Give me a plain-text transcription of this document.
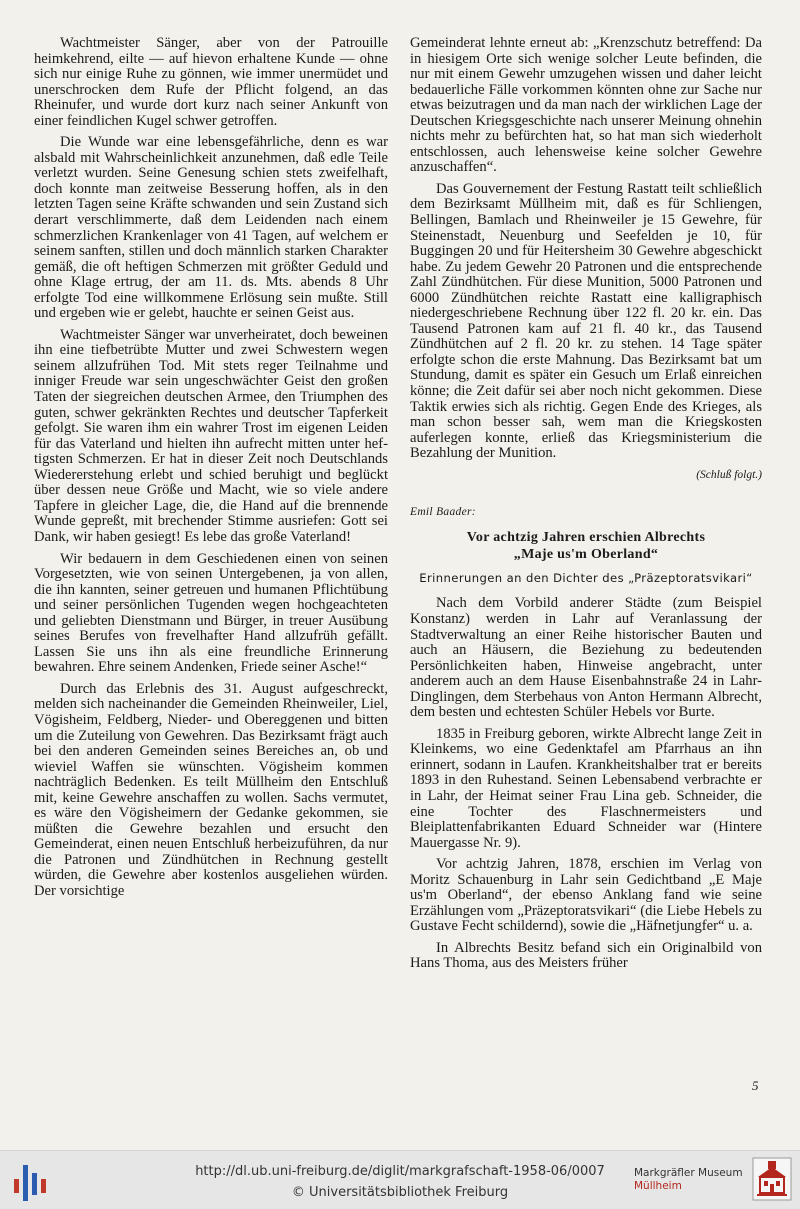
Wachtmeister Sänger, aber von der Patrouille heimkehrend, eilte — auf hievon erhaltene Kunde — ohne sich nur einige Ruhe zu gönnen, wie immer unermüdet und unerschrocken dem Rufe der Pflicht folgend, an das Rheinufer, und wurde dort kurz nach seiner Ankunft von einer feindlichen Kugel schwer getroffen.

Die Wunde war eine lebensgefährliche, denn es war alsbald mit Wahrscheinlichkeit anzunehmen, daß edle Teile verletzt wurden. Seine Genesung schien stets zweifelhaft, doch konnte man zeitweise Besserung hoffen, als in den letzten Tagen seine Kräfte schwanden und sein Zustand sich derart verschlimmerte, daß dem Leidenden nach einem schmerzlichen Krankenlager von 41 Tagen, auf welchem er seinem sanften, stillen und doch männlich starken Charakter gemäß, die oft heftigen Schmerzen mit größter Geduld und ohne Klage ertrug, der am 11. ds. Mts. abends 8 Uhr erfolgte Tod eine willkommene Erlösung sein mußte. Still und ergeben wie er gelebt, hauchte er seinen Geist aus.

Wachtmeister Sänger war unverheiratet, doch beweinen ihn eine tiefbetrübte Mutter und zwei Schwestern wegen seinem allzufrühen Tod. Mit stets reger Teilnahme und inniger Freude war sein ungeschwächter Geist den großen Taten der siegreichen deutschen Armee, den Triumphen des guten, schwer gekränkten Rechtes und deutscher Tapferkeit gefolgt. Sie waren ihm ein wahrer Trost im eigenen Leiden für das Vaterland und hielten ihn aufrecht mitten unter heftigsten Schmerzen. Er hat in dieser Zeit noch Deutschlands Wiedererstehung erlebt und schied beruhigt und beglückt über dessen neue Größe und Macht, wie so viele andere Tapfere in gleicher Lage, die, die Hand auf die brennende Wunde gepreßt, mit brechender Stimme ausriefen: Gott sei Dank, wir haben gesiegt! Es lebe das große Vaterland!

Wir bedauern in dem Geschiedenen einen von seinen Vorgesetzten, wie von seinen Untergebenen, ja von allen, die ihn kannten, seiner getreuen und humanen Pflichtübung und seiner persönlichen Tugenden wegen hochgeachteten und geliebten Dienstmann und Bürger, in treuer Ausübung seines Berufes von frevelhafter Hand allzufrüh gefällt. Lassen Sie uns ihn als eine freundliche Erinnerung bewahren. Ehre seinem Andenken, Friede seiner Asche!“

Durch das Erlebnis des 31. August aufgeschreckt, melden sich nacheinander die Gemeinden Rheinweiler, Liel, Vögisheim, Feldberg, Nieder- und Obereggenen und bitten um die Zuteilung von Gewehren. Das Bezirksamt frägt auch bei den anderen Gemeinden seines Bereiches an, ob und wieviel Waffen sie wünschten. Vögisheim kommen nachträglich Bedenken. Es teilt Müllheim den Entschluß mit, keine Gewehre anschaffen zu wollen. Sachs vermutet, es wäre den Vögisheimern der Gedanke gekommen, sie müßten die Gewehre bezahlen und ersucht den Gemeinderat, einen neuen Entschluß herbeizuführen, da nur die Patronen und Zündhütchen in Rechnung gestellt würden, die Gewehre aber kostenlos ausgeliehen würden. Der vorsichtige

Gemeinderat lehnte erneut ab: „Krenzschutz betreffend: Da in hiesigem Orte sich wenige solcher Leute befinden, die nur mit einem Gewehr umzugehen wissen und daher leicht bedauerliche Fälle vorkommen könnten ohne zur Sache nur etwas beizutragen und da man nach der wirklichen Lage der Deutschen Kriegsgeschichte nach unserer Meinung ohnehin nichts mehr zu befürchten hat, so hat man sich wiederholt entschlossen, auch lehensweise keine solcher Gewehre anzuschaffen“.

Das Gouvernement der Festung Rastatt teilt schließlich dem Bezirksamt Müllheim mit, daß es für Schliengen, Bellingen, Bamlach und Rheinweiler je 15 Gewehre, für Steinenstadt, Neuenburg und Seefelden je 10, für Buggingen 20 und für Heitersheim 30 Gewehre abgeschickt habe. Zu jedem Gewehr 20 Patronen und die entsprechende Zahl Zündhütchen. Für diese Munition, 5000 Patronen und 6000 Zündhütchen reichte Rastatt eine kalligraphisch niedergeschriebene Rechnung über 122 fl. 20 kr. ein. Das Tausend Patronen kam auf 21 fl. 40 kr., das Tausend Zündhütchen auf 2 fl. 20 kr. zu stehen. 14 Tage später erfolgte schon die erste Mahnung. Das Bezirksamt bat um Stundung, damit es später ein Gesuch um Erlaß einreichen könne; die Zeit dafür sei aber noch nicht gekommen. Diese Taktik erwies sich als richtig. Gegen Ende des Krieges, als man schon besser sah, wem man die Kriegskosten auferlegen konnte, erließ das Kriegsministerium die Bezahlung der Munition.

(Schluß folgt.)
Emil Baader:
Vor achtzig Jahren erschien Albrechts
„Maje us'm Oberland“
Erinnerungen an den Dichter des „Präzeptoratsvikari“

Nach dem Vorbild anderer Städte (zum Beispiel Konstanz) werden in Lahr auf Veranlassung der Stadtverwaltung an einer Reihe historischer Bauten und auch an Häusern, die Beziehung zu bedeutenden Persönlichkeiten haben, Hinweise angebracht, unter anderem auch an dem Hause Eisenbahnstraße 24 in Lahr-Dinglingen, dem Sterbehaus von Anton Hermann Albrecht, dem besten und echtesten Schüler Hebels vor Burte.

1835 in Freiburg geboren, wirkte Albrecht lange Zeit in Kleinkems, wo eine Gedenktafel am Pfarrhaus an ihn erinnert, sodann in Laufen. Krankheitshalber trat er bereits 1893 in den Ruhestand. Seinen Lebensabend verbrachte er in Lahr, der Heimat seiner Frau Lina geb. Schneider, die eine Tochter des Flaschnermeisters und Bleiplattenfabrikanten Eduard Schneider war (Hintere Mauergasse Nr. 9).

Vor achtzig Jahren, 1878, erschien im Verlag von Moritz Schauenburg in Lahr sein Gedichtband „E Maje us'm Oberland“, der ebenso Anklang fand wie seine Erzählungen vom „Präzeptoratsvikari“ (die Liebe Hebels zu Gustave Fecht schildernd), sowie die „Häfnetjungfer“ u. a.

In Albrechts Besitz befand sich ein Originalbild von Hans Thoma, aus des Meisters früher

5
http://dl.ub.uni-freiburg.de/diglit/markgrafschaft-1958-06/0007
© Universitätsbibliothek Freiburg
Markgräfler Museum
Müllheim
